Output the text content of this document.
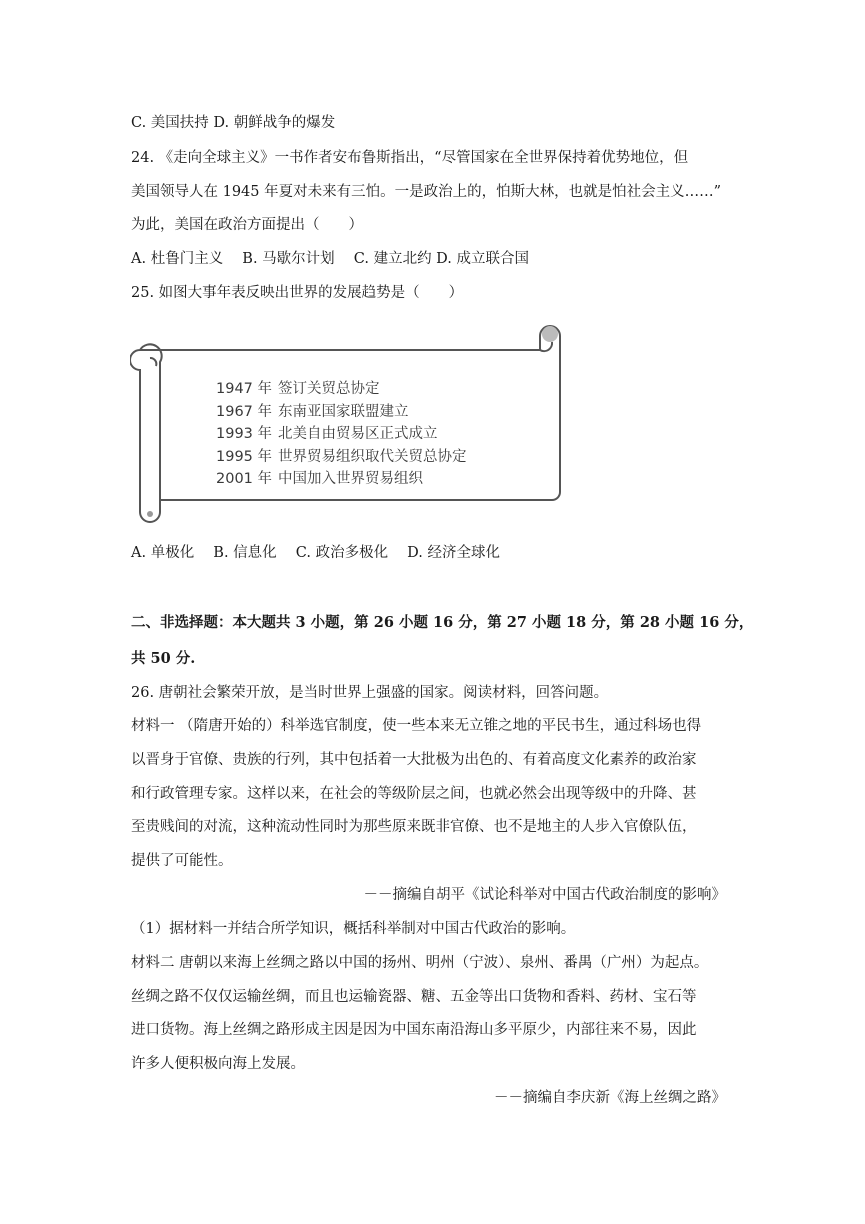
C. 美国扶持 D. 朝鲜战争的爆发
24. 《走向全球主义》一书作者安布鲁斯指出，“尽管国家在全世界保持着优势地位，但
美国领导人在 1945 年夏对未来有三怕。一是政治上的，怕斯大林，也就是怕社会主义……”
为此，美国在政治方面提出（　　）
A. 杜鲁门主义　 B. 马歇尔计划　 C. 建立北约 D. 成立联合国
25. 如图大事年表反映出世界的发展趋势是（　　）
1947 年 签订关贸总协定
1967 年 东南亚国家联盟建立
1993 年 北美自由贸易区正式成立
1995 年 世界贸易组织取代关贸总协定
2001 年 中国加入世界贸易组织
A. 单极化　 B. 信息化　 C. 政治多极化　 D. 经济全球化
二、非选择题：本大题共 3 小题，第 26 小题 16 分，第 27 小题 18 分，第 28 小题 16 分，
共 50 分.
26. 唐朝社会繁荣开放，是当时世界上强盛的国家。阅读材料，回答问题。
材料一 （隋唐开始的）科举选官制度，使一些本来无立锥之地的平民书生，通过科场也得
以晋身于官僚、贵族的行列，其中包括着一大批极为出色的、有着高度文化素养的政治家
和行政管理专家。这样以来，在社会的等级阶层之间，也就必然会出现等级中的升降、甚
至贵贱间的对流，这种流动性同时为那些原来既非官僚、也不是地主的人步入官僚队伍，
提供了可能性。
－－摘编自胡平《试论科举对中国古代政治制度的影响》
（1）据材料一并结合所学知识，概括科举制对中国古代政治的影响。
材料二 唐朝以来海上丝绸之路以中国的扬州、明州（宁波）、泉州、番禺（广州）为起点。
丝绸之路不仅仅运输丝绸，而且也运输瓷器、糖、五金等出口货物和香料、药材、宝石等
进口货物。海上丝绸之路形成主因是因为中国东南沿海山多平原少，内部往来不易，因此
许多人便积极向海上发展。
－－摘编自李庆新《海上丝绸之路》
